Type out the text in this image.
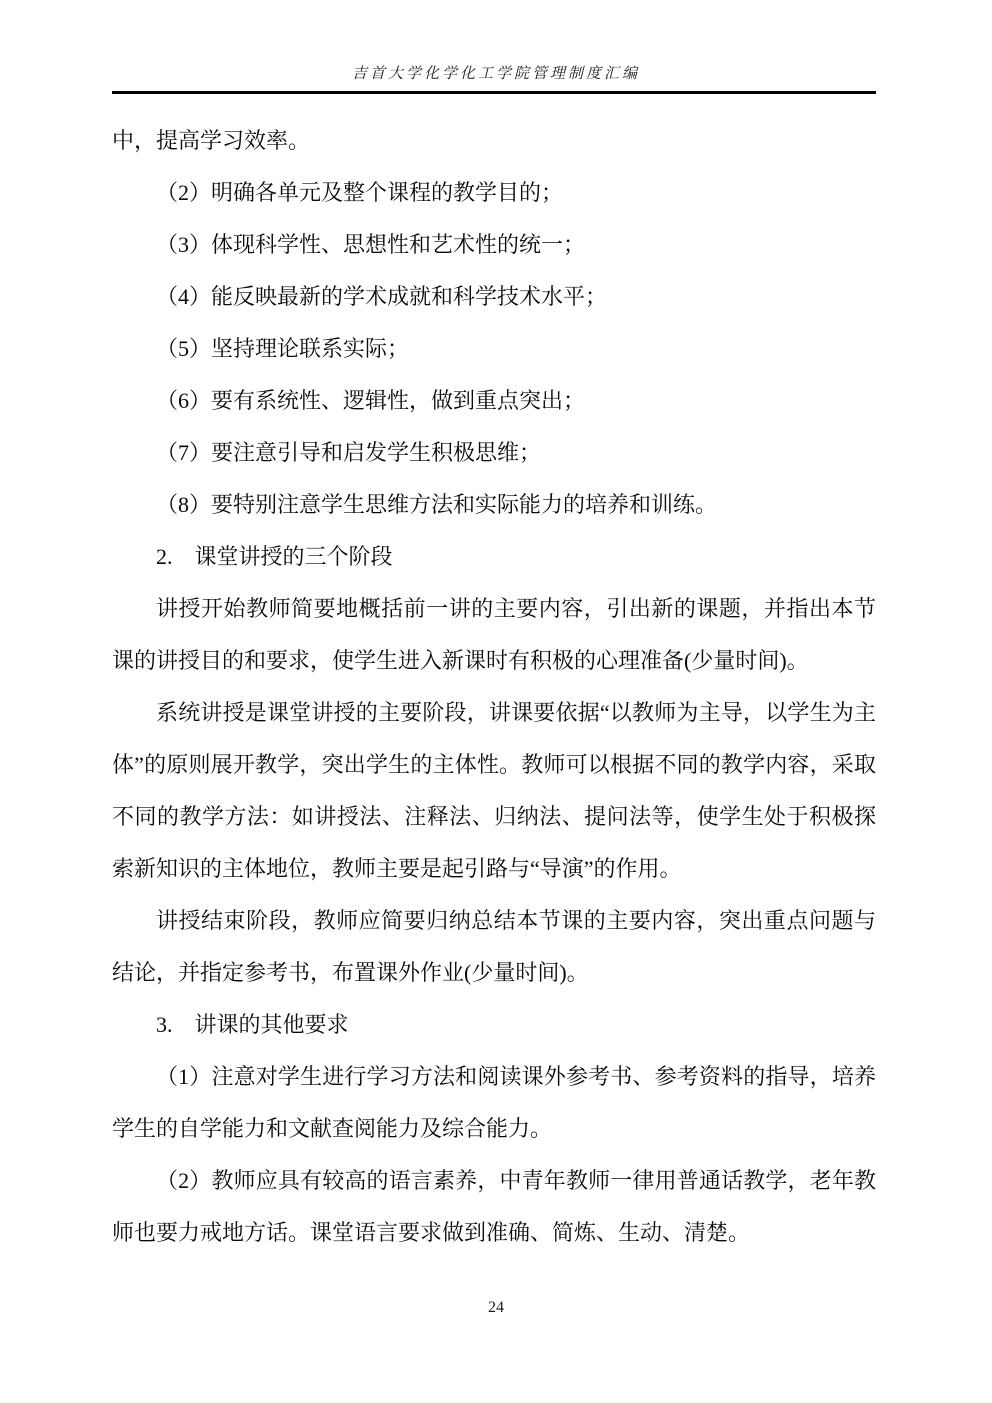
吉首大学化学化工学院管理制度汇编

中，提高学习效率。

（2）明确各单元及整个课程的教学目的；

（3）体现科学性、思想性和艺术性的统一；

（4）能反映最新的学术成就和科学技术水平；

（5）坚持理论联系实际；

（6）要有系统性、逻辑性，做到重点突出；

（7）要注意引导和启发学生积极思维；

（8）要特别注意学生思维方法和实际能力的培养和训练。

2.　课堂讲授的三个阶段

讲授开始教师简要地概括前一讲的主要内容，引出新的课题，并指出本节课的讲授目的和要求，使学生进入新课时有积极的心理准备(少量时间)。

系统讲授是课堂讲授的主要阶段，讲课要依据“以教师为主导，以学生为主体”的原则展开教学，突出学生的主体性。教师可以根据不同的教学内容，采取不同的教学方法：如讲授法、注释法、归纳法、提问法等，使学生处于积极探索新知识的主体地位，教师主要是起引路与“导演”的作用。

讲授结束阶段，教师应简要归纳总结本节课的主要内容，突出重点问题与结论，并指定参考书，布置课外作业(少量时间)。

3.　讲课的其他要求

（1）注意对学生进行学习方法和阅读课外参考书、参考资料的指导，培养学生的自学能力和文献查阅能力及综合能力。

（2）教师应具有较高的语言素养，中青年教师一律用普通话教学，老年教师也要力戒地方话。课堂语言要求做到准确、简炼、生动、清楚。

24
